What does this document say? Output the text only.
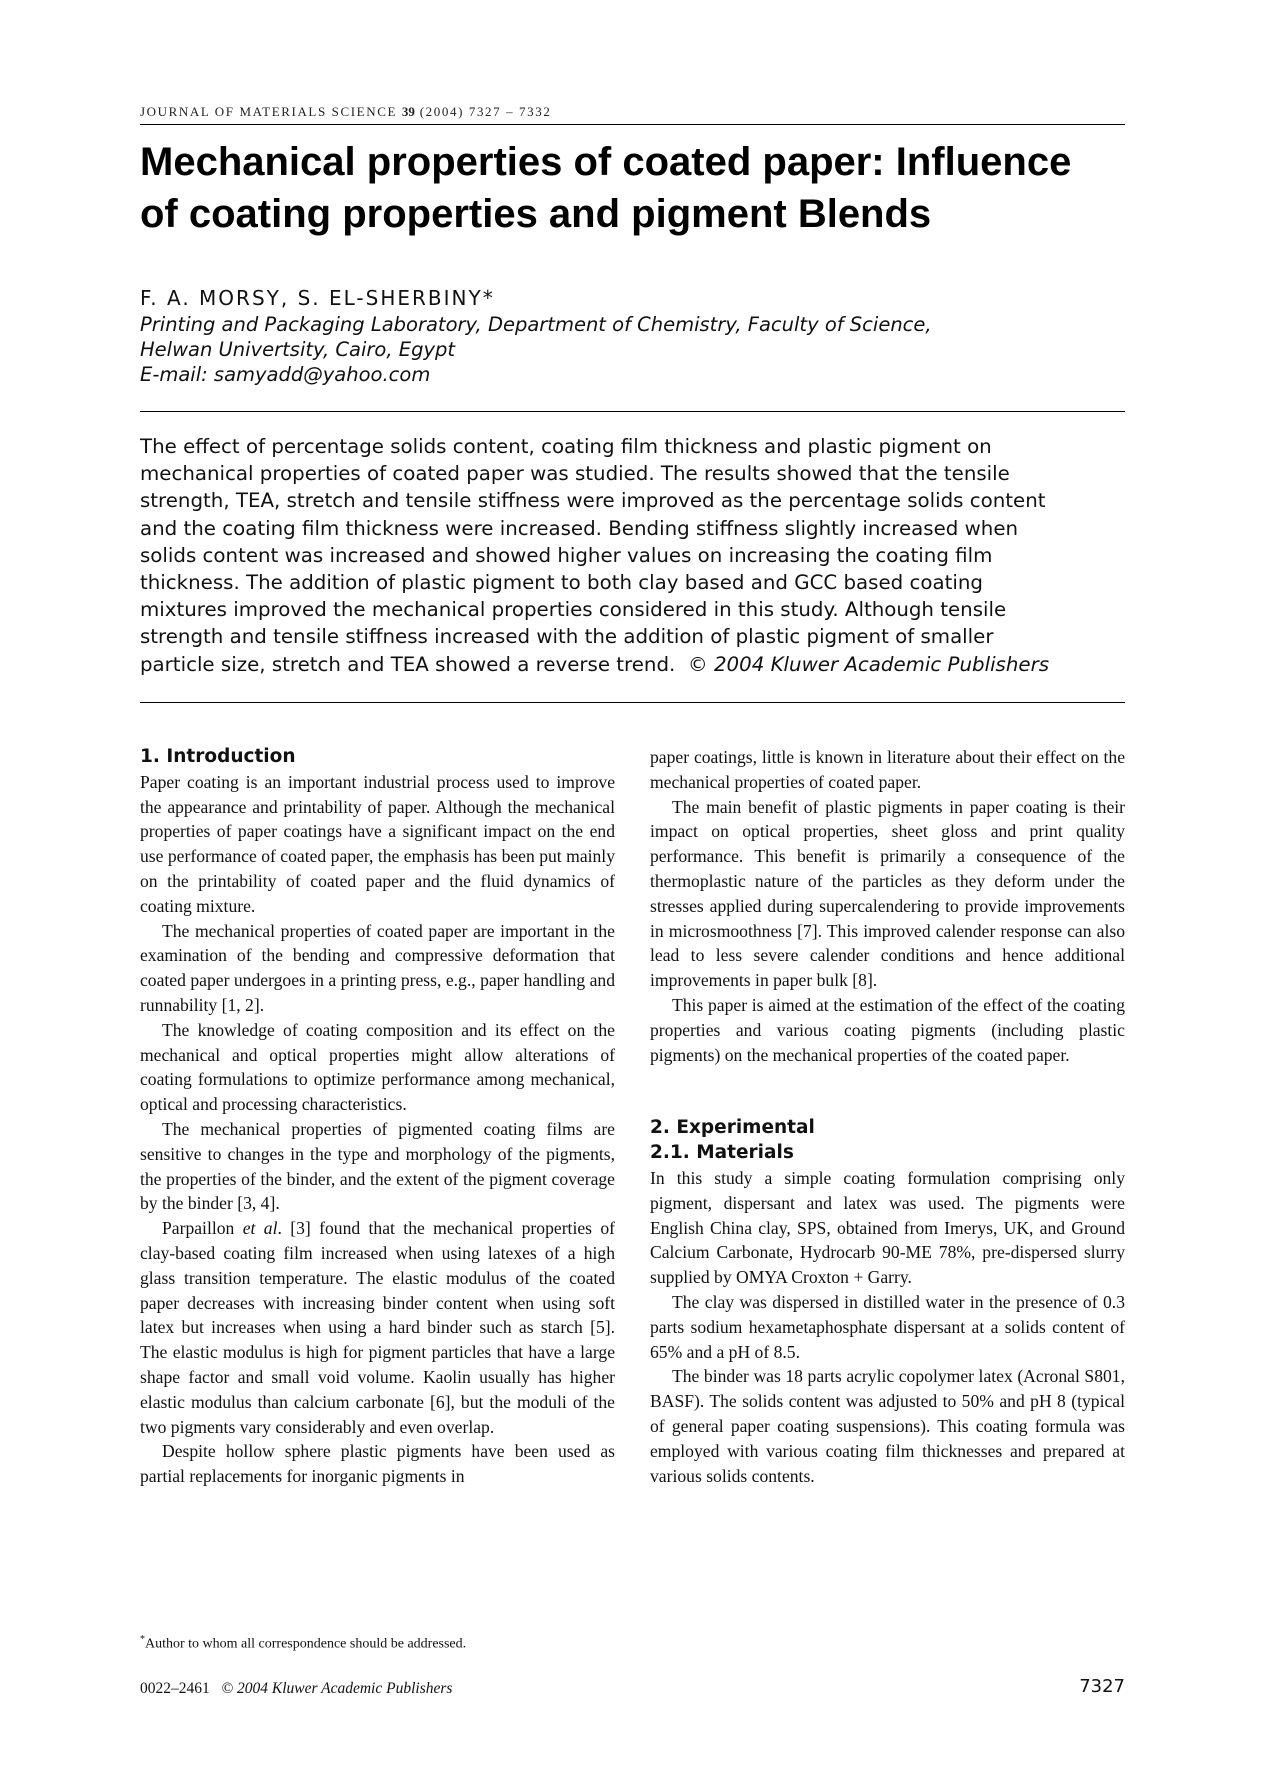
JOURNAL OF MATERIALS SCIENCE 39 (2004) 7327 – 7332
Mechanical properties of coated paper: Influence
of coating properties and pigment Blends
F. A. MORSY, S. EL-SHERBINY*
Printing and Packaging Laboratory, Department of Chemistry, Faculty of Science,
Helwan Univertsity, Cairo, Egypt
E-mail: samyadd@yahoo.com
The effect of percentage solids content, coating film thickness and plastic pigment on
mechanical properties of coated paper was studied. The results showed that the tensile
strength, TEA, stretch and tensile stiffness were improved as the percentage solids content
and the coating film thickness were increased. Bending stiffness slightly increased when
solids content was increased and showed higher values on increasing the coating film
thickness. The addition of plastic pigment to both clay based and GCC based coating
mixtures improved the mechanical properties considered in this study. Although tensile
strength and tensile stiffness increased with the addition of plastic pigment of smaller
particle size, stretch and TEA showed a reverse trend. © 2004 Kluwer Academic Publishers
1. Introduction

Paper coating is an important industrial process used to improve the appearance and printability of paper. Although the mechanical properties of paper coatings have a significant impact on the end use performance of coated paper, the emphasis has been put mainly on the printability of coated paper and the fluid dynamics of coating mixture.

The mechanical properties of coated paper are important in the examination of the bending and compressive deformation that coated paper undergoes in a printing press, e.g., paper handling and runnability [1, 2].

The knowledge of coating composition and its effect on the mechanical and optical properties might allow alterations of coating formulations to optimize performance among mechanical, optical and processing characteristics.

The mechanical properties of pigmented coating films are sensitive to changes in the type and morphology of the pigments, the properties of the binder, and the extent of the pigment coverage by the binder [3, 4].

Parpaillon et al. [3] found that the mechanical properties of clay-based coating film increased when using latexes of a high glass transition temperature. The elastic modulus of the coated paper decreases with increasing binder content when using soft latex but increases when using a hard binder such as starch [5]. The elastic modulus is high for pigment particles that have a large shape factor and small void volume. Kaolin usually has higher elastic modulus than calcium carbonate [6], but the moduli of the two pigments vary considerably and even overlap.

Despite hollow sphere plastic pigments have been used as partial replacements for inorganic pigments in

paper coatings, little is known in literature about their effect on the mechanical properties of coated paper.

The main benefit of plastic pigments in paper coating is their impact on optical properties, sheet gloss and print quality performance. This benefit is primarily a consequence of the thermoplastic nature of the particles as they deform under the stresses applied during supercalendering to provide improvements in microsmoothness [7]. This improved calender response can also lead to less severe calender conditions and hence additional improvements in paper bulk [8].

This paper is aimed at the estimation of the effect of the coating properties and various coating pigments (including plastic pigments) on the mechanical properties of the coated paper.

2. Experimental
2.1. Materials

In this study a simple coating formulation comprising only pigment, dispersant and latex was used. The pigments were English China clay, SPS, obtained from Imerys, UK, and Ground Calcium Carbonate, Hydrocarb 90-ME 78%, pre-dispersed slurry supplied by OMYA Croxton + Garry.

The clay was dispersed in distilled water in the presence of 0.3 parts sodium hexametaphosphate dispersant at a solids content of 65% and a pH of 8.5.

The binder was 18 parts acrylic copolymer latex (Acronal S801, BASF). The solids content was adjusted to 50% and pH 8 (typical of general paper coating suspensions). This coating formula was employed with various coating film thicknesses and prepared at various solids contents.

*Author to whom all correspondence should be addressed.
0022–2461 © 2004 Kluwer Academic Publishers	7327
